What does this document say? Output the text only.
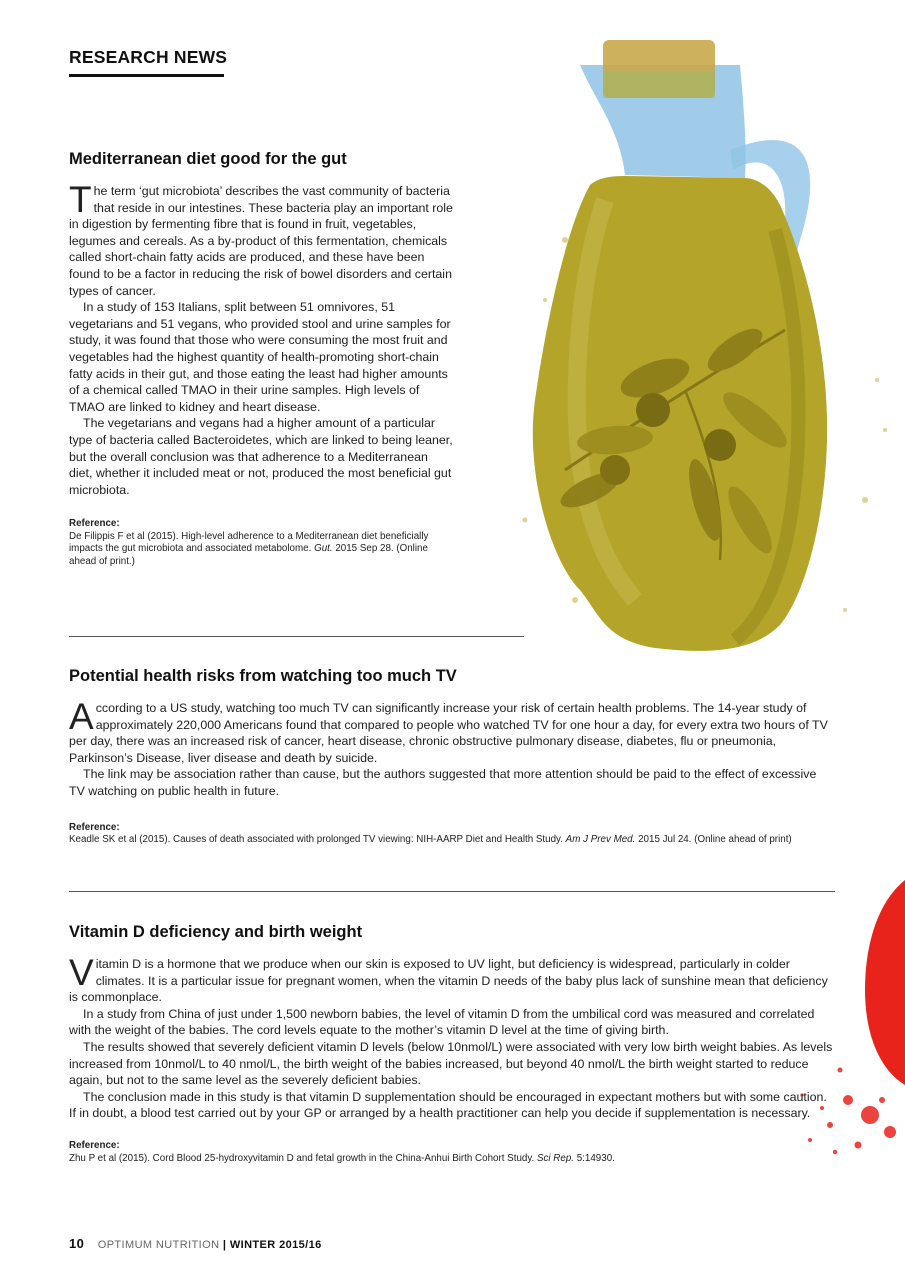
RESEARCH NEWS
Mediterranean diet good for the gut

The term ‘gut microbiota’ describes the vast community of bacteria that reside in our intestines. These bacteria play an important role in digestion by fermenting fibre that is found in fruit, vegetables, legumes and cereals. As a by-product of this fermentation, chemicals called short-chain fatty acids are produced, and these have been found to be a factor in reducing the risk of bowel disorders and certain types of cancer.

In a study of 153 Italians, split between 51 omnivores, 51 vegetarians and 51 vegans, who provided stool and urine samples for study, it was found that those who were consuming the most fruit and vegetables had the highest quantity of health-promoting short-chain fatty acids in their gut, and those eating the least had higher amounts of a chemical called TMAO in their urine samples. High levels of TMAO are linked to kidney and heart disease.

The vegetarians and vegans had a higher amount of a particular type of bacteria called Bacteroidetes, which are linked to being leaner, but the overall conclusion was that adherence to a Mediterranean diet, whether it included meat or not, produced the most beneficial gut microbiota.

Reference:
De Filippis F et al (2015). High-level adherence to a Mediterranean diet beneficially impacts the gut microbiota and associated metabolome. Gut. 2015 Sep 28. (Online ahead of print.)
Potential health risks from watching too much TV

According to a US study, watching too much TV can significantly increase your risk of certain health problems. The 14-year study of approximately 220,000 Americans found that compared to people who watched TV for one hour a day, for every extra two hours of TV per day, there was an increased risk of cancer, heart disease, chronic obstructive pulmonary disease, diabetes, flu or pneumonia, Parkinson’s Disease, liver disease and death by suicide.

The link may be association rather than cause, but the authors suggested that more attention should be paid to the effect of excessive TV watching on public health in future.

Reference:
Keadle SK et al (2015). Causes of death associated with prolonged TV viewing: NIH-AARP Diet and Health Study. Am J Prev Med. 2015 Jul 24. (Online ahead of print)
Vitamin D deficiency and birth weight

Vitamin D is a hormone that we produce when our skin is exposed to UV light, but deficiency is widespread, particularly in colder climates. It is a particular issue for pregnant women, when the vitamin D needs of the baby plus lack of sunshine mean that deficiency is commonplace.

In a study from China of just under 1,500 newborn babies, the level of vitamin D from the umbilical cord was measured and correlated with the weight of the babies. The cord levels equate to the mother’s vitamin D level at the time of giving birth.

The results showed that severely deficient vitamin D levels (below 10nmol/L) were associated with very low birth weight babies. As levels increased from 10nmol/L to 40 nmol/L, the birth weight of the babies increased, but beyond 40 nmol/L the birth weight started to reduce again, but not to the same level as the severely deficient babies.

The conclusion made in this study is that vitamin D supplementation should be encouraged in expectant mothers but with some caution. If in doubt, a blood test carried out by your GP or arranged by a health practitioner can help you decide if supplementation is necessary.

Reference:
Zhu P et al (2015). Cord Blood 25-hydroxyvitamin D and fetal growth in the China-Anhui Birth Cohort Study. Sci Rep. 5:14930.
10 OPTIMUM NUTRITION | WINTER 2015/16
